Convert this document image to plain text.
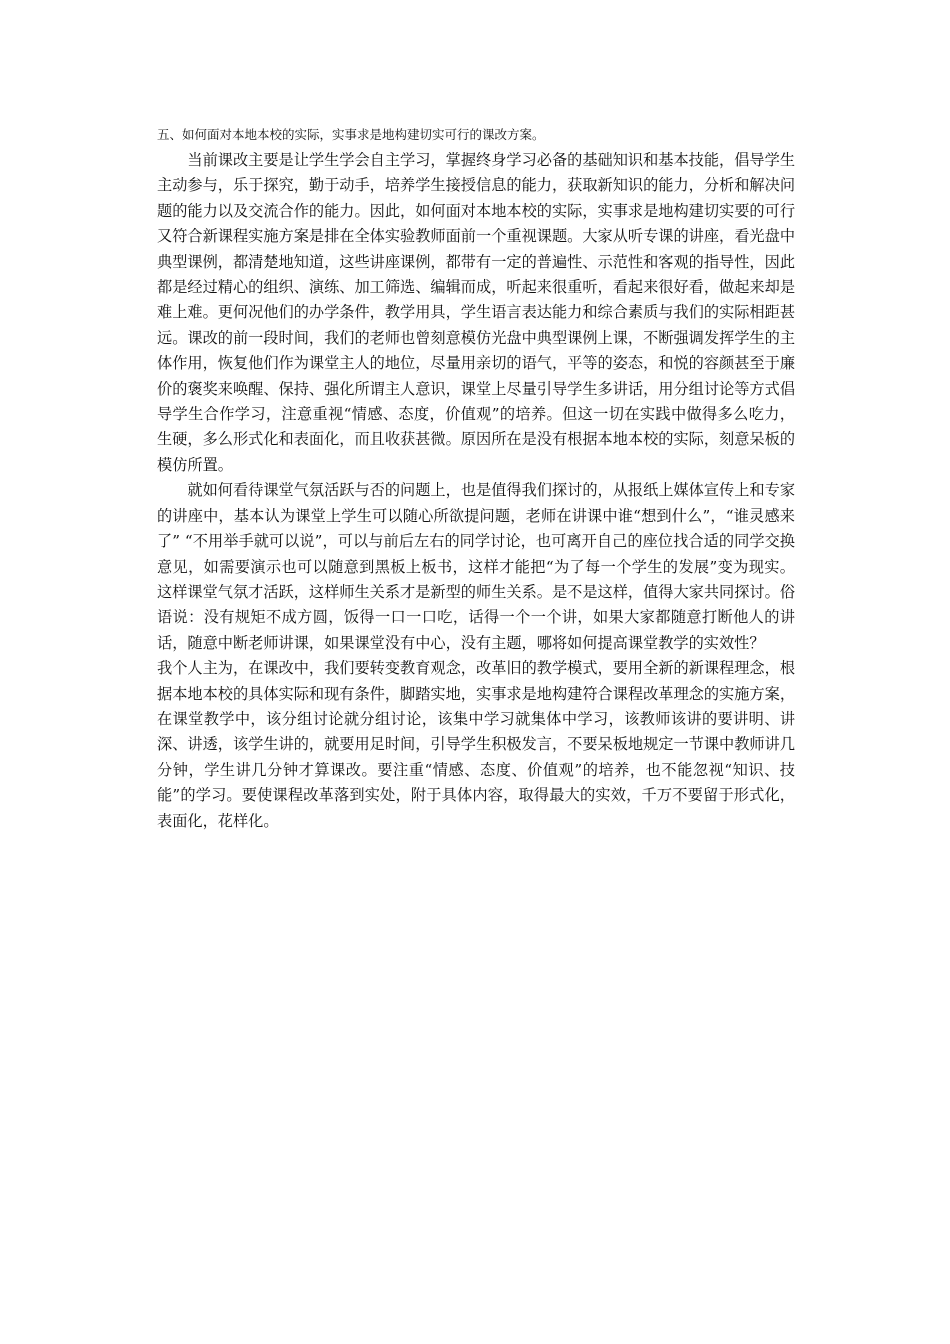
五、如何面对本地本校的实际，实事求是地构建切实可行的课改方案。

当前课改主要是让学生学会自主学习，掌握终身学习必备的基础知识和基本技能，倡导学生主动参与，乐于探究，勤于动手，培养学生接授信息的能力，获取新知识的能力，分析和解决问题的能力以及交流合作的能力。因此，如何面对本地本校的实际，实事求是地构建切实要的可行又符合新课程实施方案是排在全体实验教师面前一个重视课题。大家从听专课的讲座，看光盘中典型课例，都清楚地知道，这些讲座课例，都带有一定的普遍性、示范性和客观的指导性，因此都是经过精心的组织、演练、加工筛选、编辑而成，听起来很重听，看起来很好看，做起来却是难上难。更何况他们的办学条件，教学用具，学生语言表达能力和综合素质与我们的实际相距甚远。课改的前一段时间，我们的老师也曾刻意模仿光盘中典型课例上课，不断强调发挥学生的主体作用，恢复他们作为课堂主人的地位，尽量用亲切的语气，平等的姿态，和悦的容颜甚至于廉价的褒奖来唤醒、保持、强化所谓主人意识，课堂上尽量引导学生多讲话，用分组讨论等方式倡导学生合作学习，注意重视“情感、态度，价值观”的培养。但这一切在实践中做得多么吃力，生硬，多么形式化和表面化，而且收获甚微。原因所在是没有根据本地本校的实际，刻意呆板的模仿所置。

就如何看待课堂气氛活跃与否的问题上，也是值得我们探讨的，从报纸上媒体宣传上和专家的讲座中，基本认为课堂上学生可以随心所欲提问题，老师在讲课中谁“想到什么”，“谁灵感来了” “不用举手就可以说”，可以与前后左右的同学讨论，也可离开自己的座位找合适的同学交换意见，如需要演示也可以随意到黑板上板书，这样才能把“为了每一个学生的发展”变为现实。这样课堂气氛才活跃，这样师生关系才是新型的师生关系。是不是这样，值得大家共同探讨。俗语说：没有规矩不成方圆，饭得一口一口吃，话得一个一个讲，如果大家都随意打断他人的讲话，随意中断老师讲课，如果课堂没有中心，没有主题，哪将如何提高课堂教学的实效性？

我个人主为，在课改中，我们要转变教育观念，改革旧的教学模式，要用全新的新课程理念，根据本地本校的具体实际和现有条件，脚踏实地，实事求是地构建符合课程改革理念的实施方案，在课堂教学中，该分组讨论就分组讨论，该集中学习就集体中学习，该教师该讲的要讲明、讲深、讲透，该学生讲的，就要用足时间，引导学生积极发言，不要呆板地规定一节课中教师讲几分钟，学生讲几分钟才算课改。要注重“情感、态度、价值观”的培养，也不能忽视“知识、技能”的学习。要使课程改革落到实处，附于具体内容，取得最大的实效，千万不要留于形式化，表面化，花样化。
